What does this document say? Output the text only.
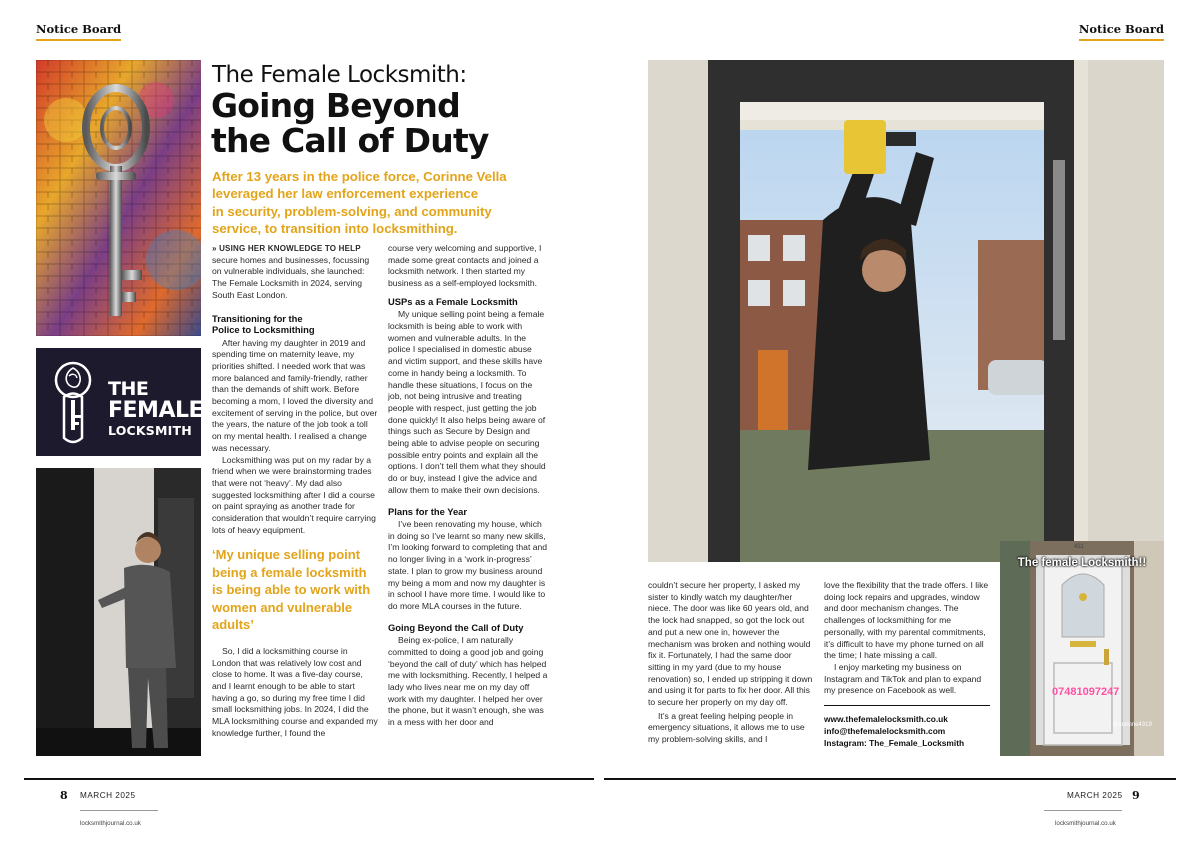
Notice Board	Notice Board
THE
FEMALE
LOCKSMITH
The Female Locksmith:
Going Beyond
the Call of Duty
After 13 years in the police force, Corinne Vella
leveraged her law enforcement experience
in security, problem-solving, and community
service, to transition into locksmithing.

» USING HER KNOWLEDGE TO HELP secure homes and businesses, focussing on vulnerable individuals, she launched: The Female Locksmith in 2024, serving South East London.

Transitioning for the
Police to Locksmithing

After having my daughter in 2019 and spending time on maternity leave, my priorities shifted. I needed work that was more balanced and family-friendly, rather than the demands of shift work. Before becoming a mom, I loved the diversity and excitement of serving in the police, but over the years, the nature of the job took a toll on my mental health. I realised a change was necessary.

Locksmithing was put on my radar by a friend when we were brainstorming trades that were not ‘heavy’. My dad also suggested locksmithing after I did a course on paint spraying as another trade for consideration that wouldn’t require carrying lots of heavy equipment.

‘My unique selling point being a female locksmith is being able to work with women and vulnerable adults’

So, I did a locksmithing course in London that was relatively low cost and close to home. It was a five-day course, and I learnt enough to be able to start having a go, so during my free time I did small locksmithing jobs. In 2024, I did the MLA locksmithing course and expanded my knowledge further, I found the

course very welcoming and supportive, I made some great contacts and joined a locksmith network. I then started my business as a self-employed locksmith.

USPs as a Female Locksmith

My unique selling point being a female locksmith is being able to work with women and vulnerable adults. In the police I specialised in domestic abuse and victim support, and these skills have come in handy being a locksmith. To handle these situations, I focus on the job, not being intrusive and treating people with respect, just getting the job done quickly! It also helps being aware of things such as Secure by Design and being able to advise people on securing possible entry points and explain all the options. I don’t tell them what they should do or buy, instead I give the advice and allow them to make their own decisions.

Plans for the Year

I’ve been renovating my house, which in doing so I’ve learnt so many new skills, I’m looking forward to completing that and no longer living in a ‘work in-progress’ state. I plan to grow my business around my being a mom and now my daughter is in school I have more time. I would like to do more MLA courses in the future.

Going Beyond the Call of Duty

Being ex-police, I am naturally committed to doing a good job and going ‘beyond the call of duty’ which has helped me with locksmithing. Recently, I helped a lady who lives near me on my day off work with my daughter. I helped her over the phone, but it wasn’t enough, she was in a mess with her door and

couldn’t secure her property, I asked my sister to kindly watch my daughter/her niece. The door was like 60 years old, and the lock had snapped, so got the lock out and put a new one in, however the mechanism was broken and nothing would fix it. Fortunately, I had the same door sitting in my yard (due to my house renovation) so, I ended up stripping it down and using it for parts to fix her door. All this to secure her properly on my day off.

It’s a great feeling helping people in emergency situations, it allows me to use my problem-solving skills, and I

love the flexibility that the trade offers. I like doing lock repairs and upgrades, window and door mechanism changes. The challenges of locksmithing for me personally, with my parental commitments, it’s difficult to have my phone turned on all the time; I hate missing a call.

I enjoy marketing my business on Instagram and TikTok and plan to expand my presence on Facebook as well.

www.thefemalelocksmith.co.uk
info@thefemalelocksmith.com
Instagram: The_Female_Locksmith
The female Locksmith!!
431
07481097247
♪ @corinne4319
8 MARCH 2025
locksmithjournal.co.uk
MARCH 2025 9
locksmithjournal.co.uk
